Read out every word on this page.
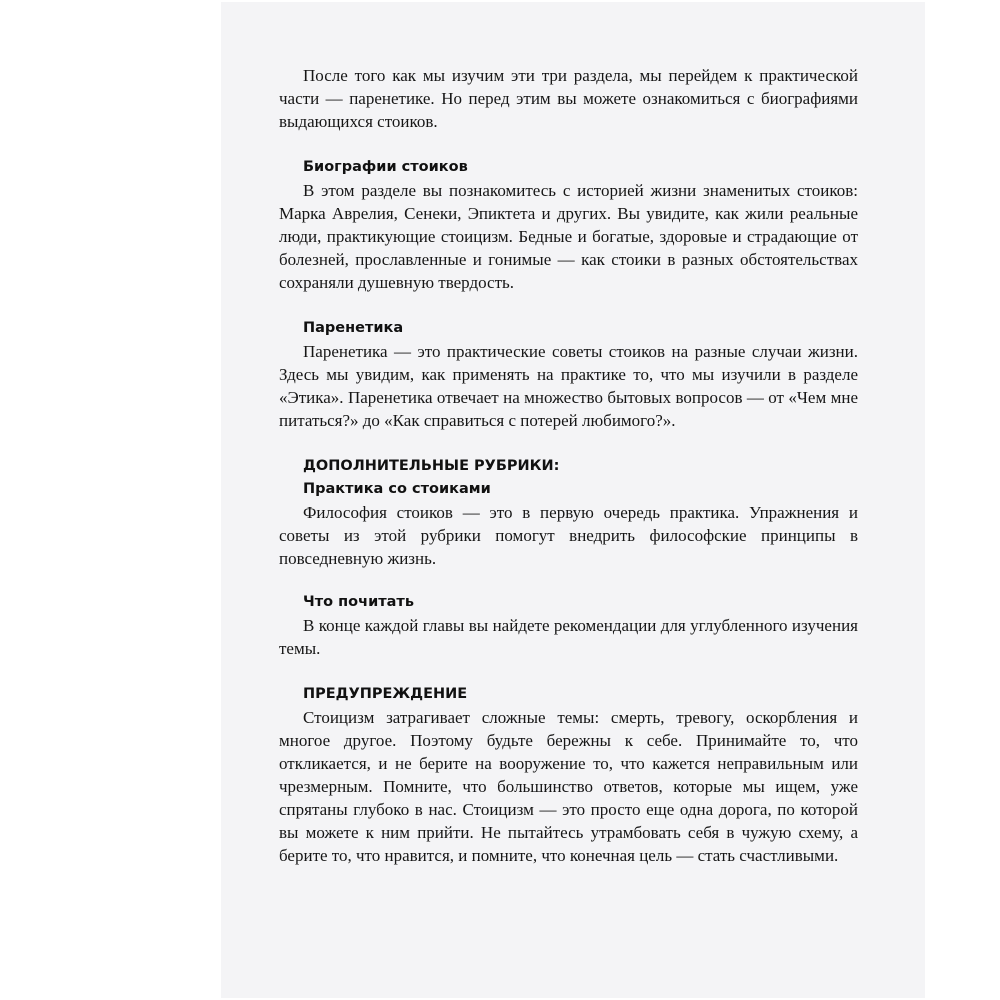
После того как мы изучим эти три раздела, мы перейдем к практической части — паренетике. Но перед этим вы можете ознакомиться с биографиями выдающихся стоиков.

Биографии стоиков

В этом разделе вы познакомитесь с историей жизни знаменитых стоиков: Марка Аврелия, Сенеки, Эпиктета и других. Вы увидите, как жили реальные люди, практикующие стоицизм. Бедные и богатые, здоровые и страдающие от болезней, прославленные и гонимые — как стоики в разных обстоятельствах сохраняли душевную твердость.

Паренетика

Паренетика — это практические советы стоиков на разные случаи жизни. Здесь мы увидим, как применять на практике то, что мы изучили в разделе «Этика». Паренетика отвечает на множество бытовых вопросов — от «Чем мне питаться?» до «Как справиться с потерей любимого?».

ДОПОЛНИТЕЛЬНЫЕ РУБРИКИ:
Практика со стоиками

Философия стоиков — это в первую очередь практика. Упражнения и советы из этой рубрики помогут внедрить философские принципы в повседневную жизнь.

Что почитать

В конце каждой главы вы найдете рекомендации для углубленного изучения темы.

ПРЕДУПРЕЖДЕНИЕ

Стоицизм затрагивает сложные темы: смерть, тревогу, оскорбления и многое другое. Поэтому будьте бережны к себе. Принимайте то, что откликается, и не берите на вооружение то, что кажется неправильным или чрезмерным. Помните, что большинство ответов, которые мы ищем, уже спрятаны глубоко в нас. Стоицизм — это просто еще одна дорога, по которой вы можете к ним прийти. Не пытайтесь утрамбовать себя в чужую схему, а берите то, что нравится, и помните, что конечная цель — стать счастливыми.
